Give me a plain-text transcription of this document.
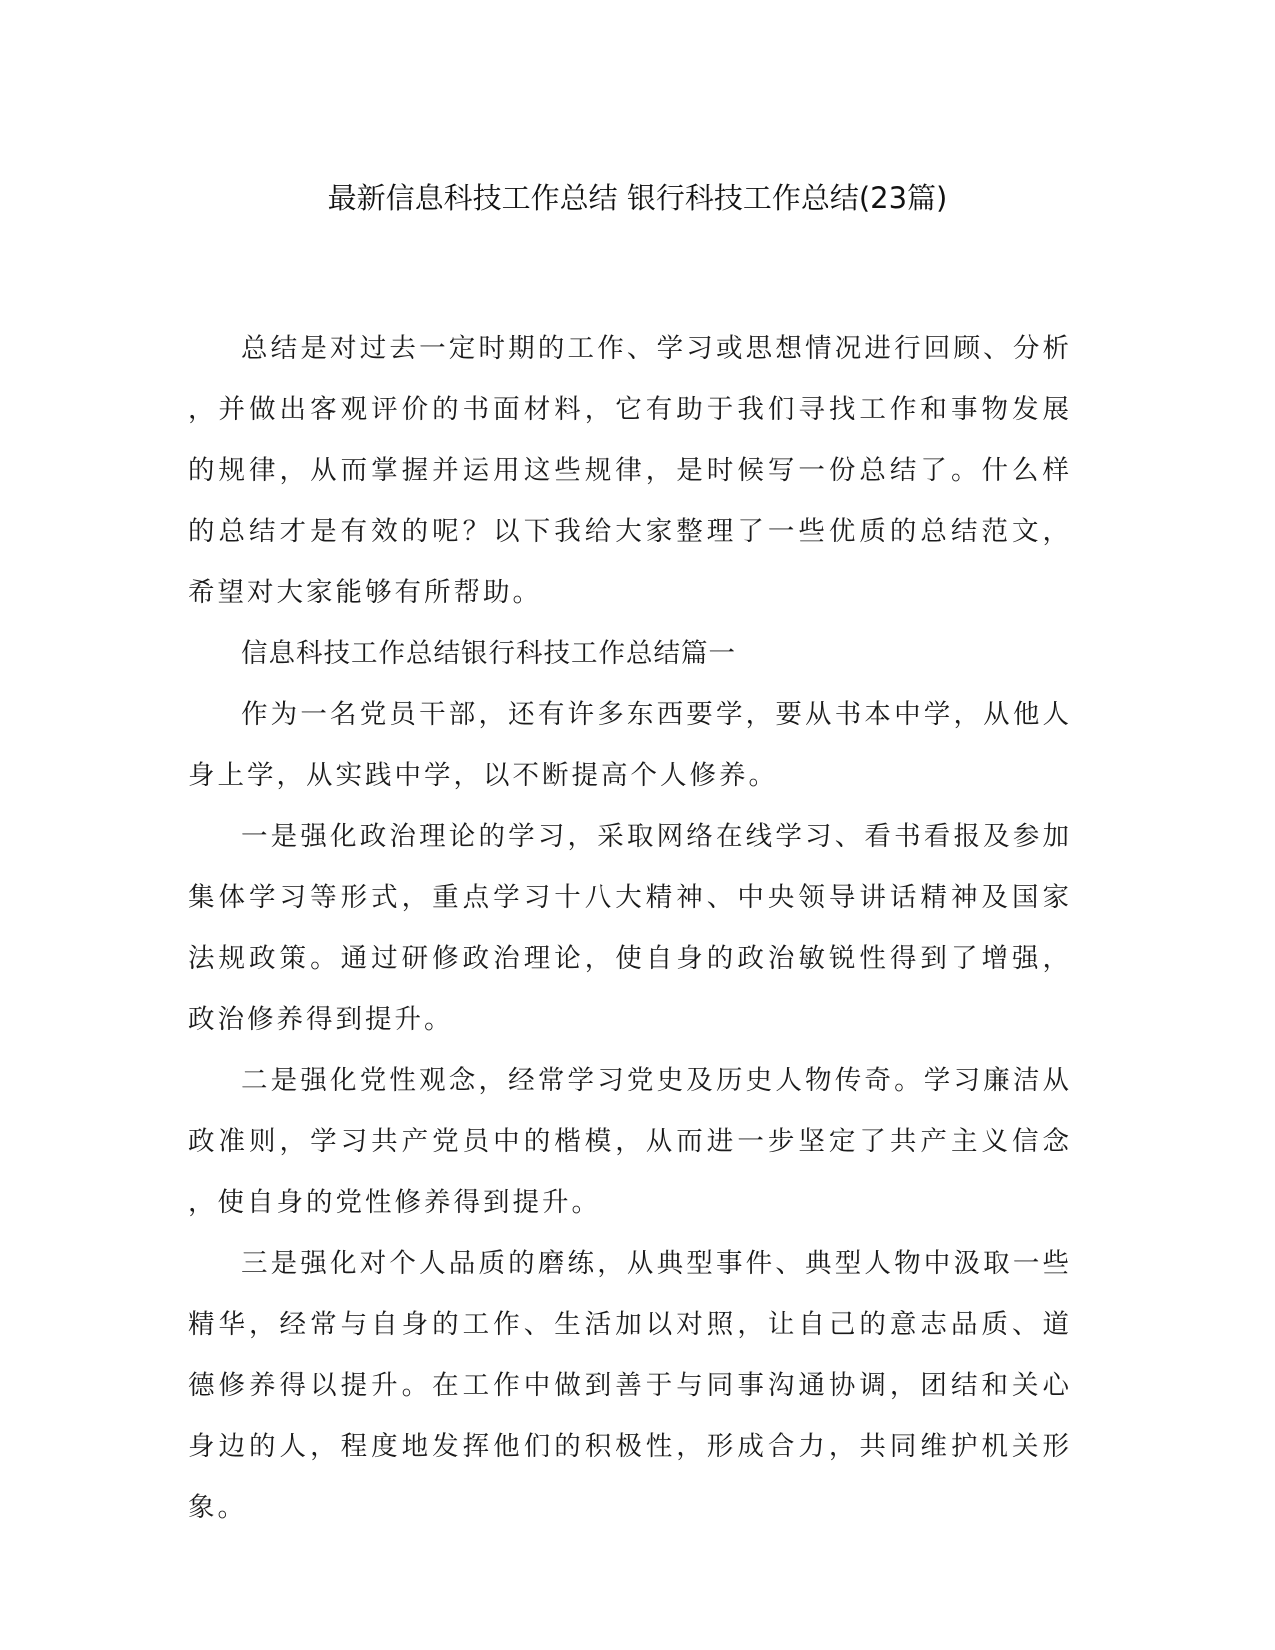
最新信息科技工作总结 银行科技工作总结(23篇)

总结是对过去一定时期的工作、学习或思想情况进行回顾、分析，并做出客观评价的书面材料，它有助于我们寻找工作和事物发展的规律，从而掌握并运用这些规律，是时候写一份总结了。什么样的总结才是有效的呢？以下我给大家整理了一些优质的总结范文，希望对大家能够有所帮助。

信息科技工作总结银行科技工作总结篇一

作为一名党员干部，还有许多东西要学，要从书本中学，从他人身上学，从实践中学，以不断提高个人修养。

一是强化政治理论的学习，采取网络在线学习、看书看报及参加集体学习等形式，重点学习十八大精神、中央领导讲话精神及国家法规政策。通过研修政治理论，使自身的政治敏锐性得到了增强，政治修养得到提升。

二是强化党性观念，经常学习党史及历史人物传奇。学习廉洁从政准则，学习共产党员中的楷模，从而进一步坚定了共产主义信念，使自身的党性修养得到提升。

三是强化对个人品质的磨练，从典型事件、典型人物中汲取一些精华，经常与自身的工作、生活加以对照，让自己的意志品质、道德修养得以提升。在工作中做到善于与同事沟通协调，团结和关心身边的人，程度地发挥他们的积极性，形成合力，共同维护机关形象。
